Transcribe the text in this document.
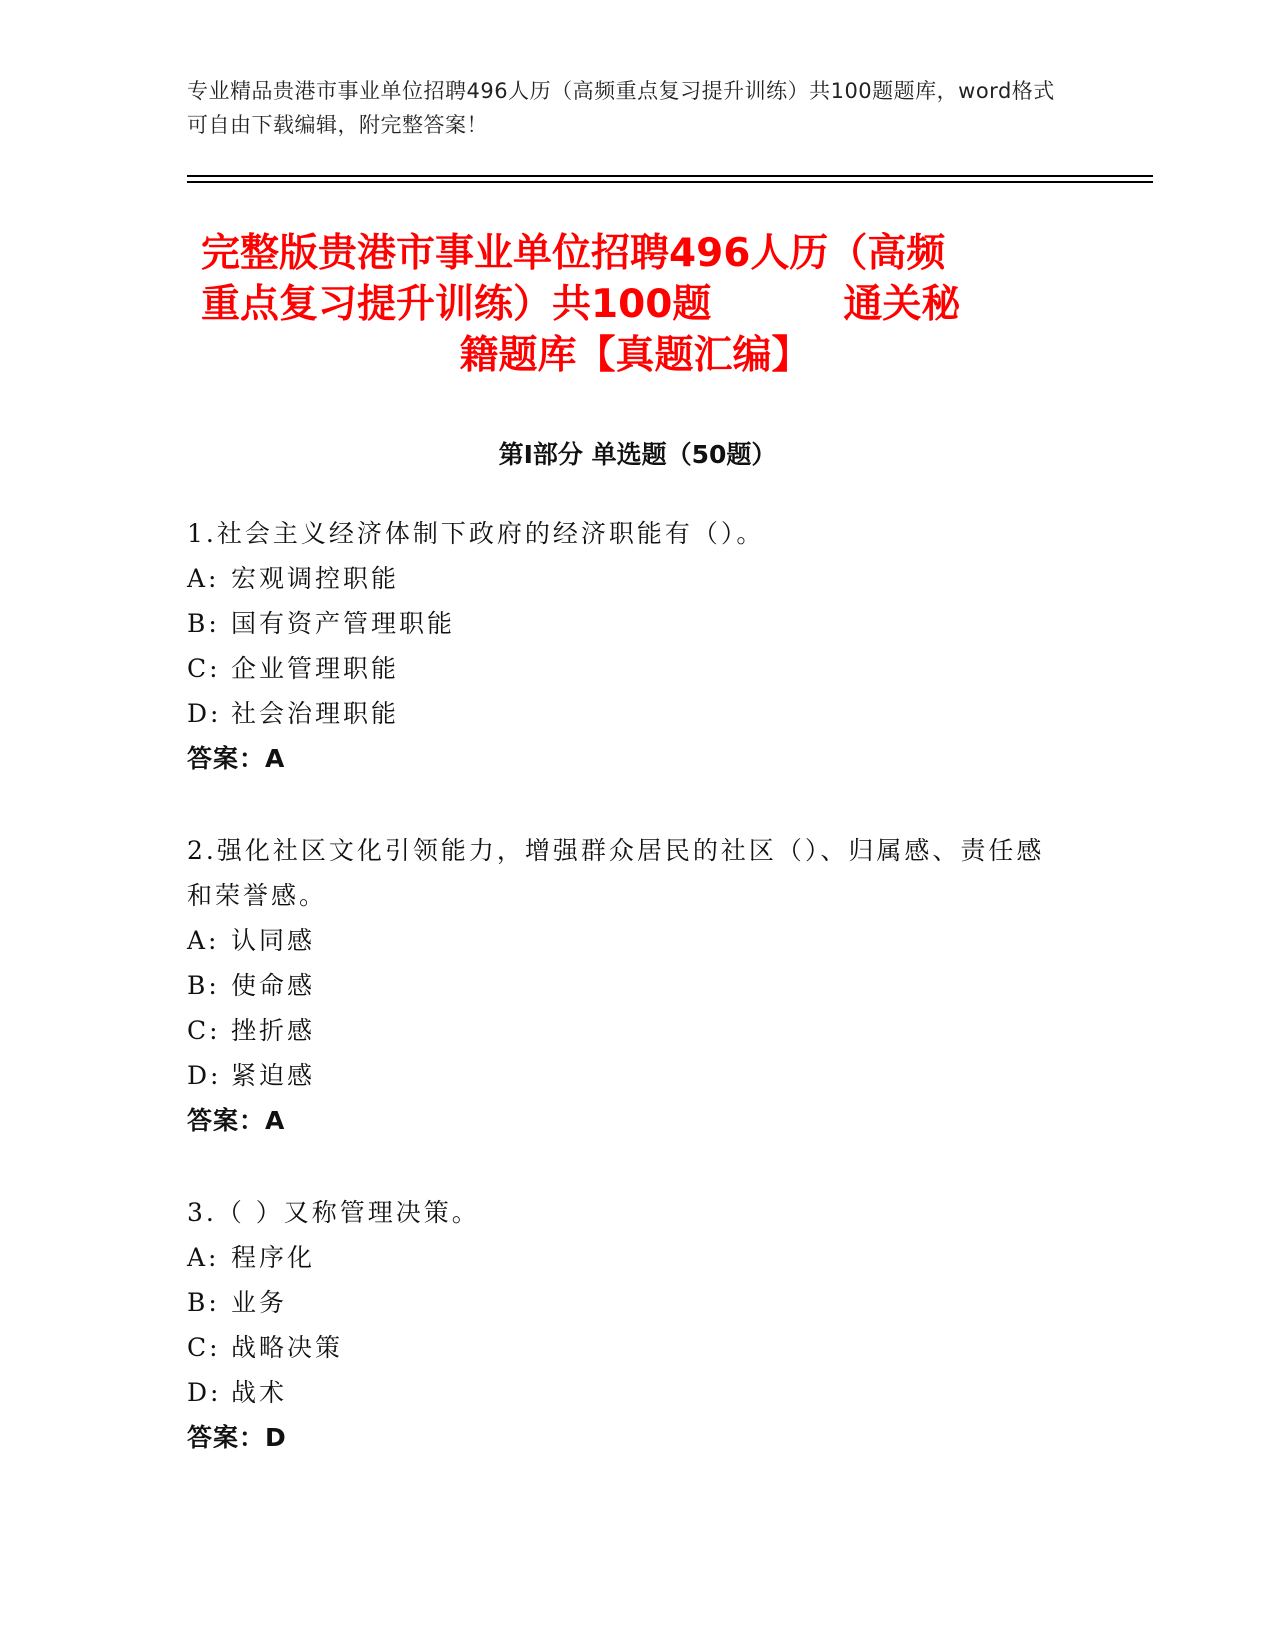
专业精品贵港市事业单位招聘496人历（高频重点复习提升训练）共100题题库，word格式可自由下载编辑，附完整答案！
完整版贵港市事业单位招聘496人历（高频
重点复习提升训练）共100题	通关秘
籍题库【真题汇编】
第I部分 单选题（50题）
1.社会主义经济体制下政府的经济职能有（）。
A: 宏观调控职能
B: 国有资产管理职能
C: 企业管理职能
D: 社会治理职能
答案：A
2.强化社区文化引领能力，增强群众居民的社区（）、归属感、责任感和荣誉感。
A: 认同感
B: 使命感
C: 挫折感
D: 紧迫感
答案：A
3.（ ）又称管理决策。
A: 程序化
B: 业务
C: 战略决策
D: 战术
答案：D
